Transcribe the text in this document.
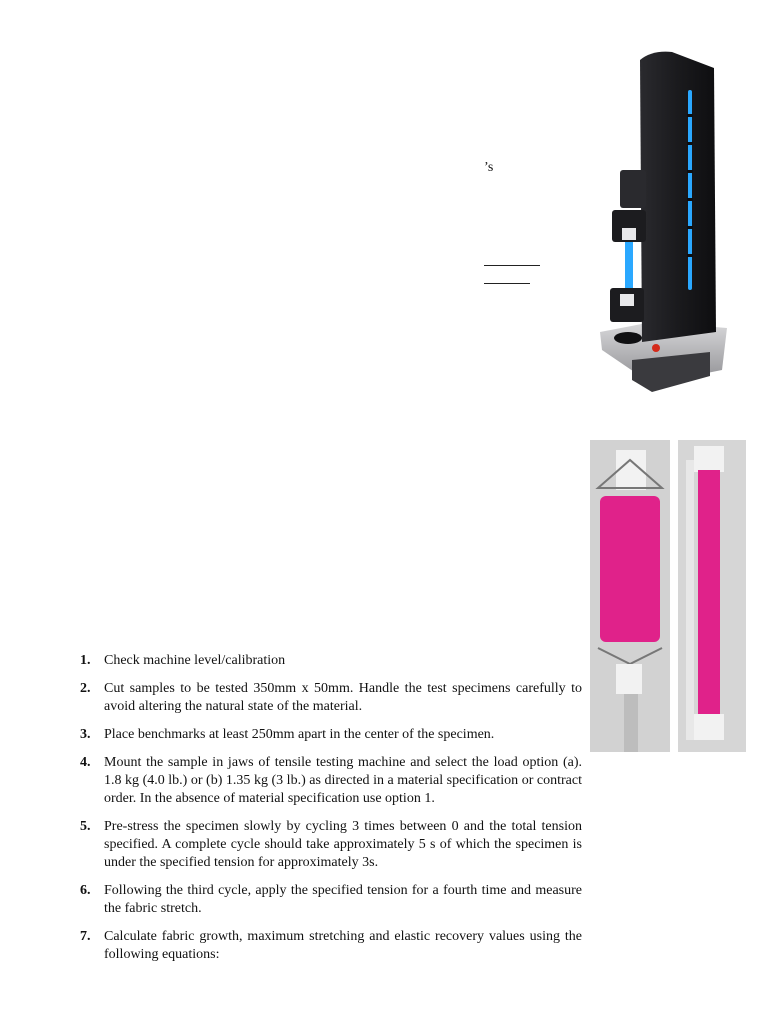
’s
1. Check machine level/calibration
2. Cut samples to be tested 350mm x 50mm. Handle the test specimens carefully to avoid altering the natural state of the material.
3. Place benchmarks at least 250mm apart in the center of the specimen.
4. Mount the sample in jaws of tensile testing machine and select the load option (a). 1.8 kg (4.0 lb.) or (b) 1.35 kg (3 lb.) as directed in a material specification or contract order. In the absence of material specification use option 1.
5. Pre-stress the specimen slowly by cycling 3 times between 0 and the total tension specified. A complete cycle should take approximately 5 s of which the specimen is under the specified tension for approximately 3s.
6. Following the third cycle, apply the specified tension for a fourth time and measure the fabric stretch.
7. Calculate fabric growth, maximum stretching and elastic recovery values using the following equations:
